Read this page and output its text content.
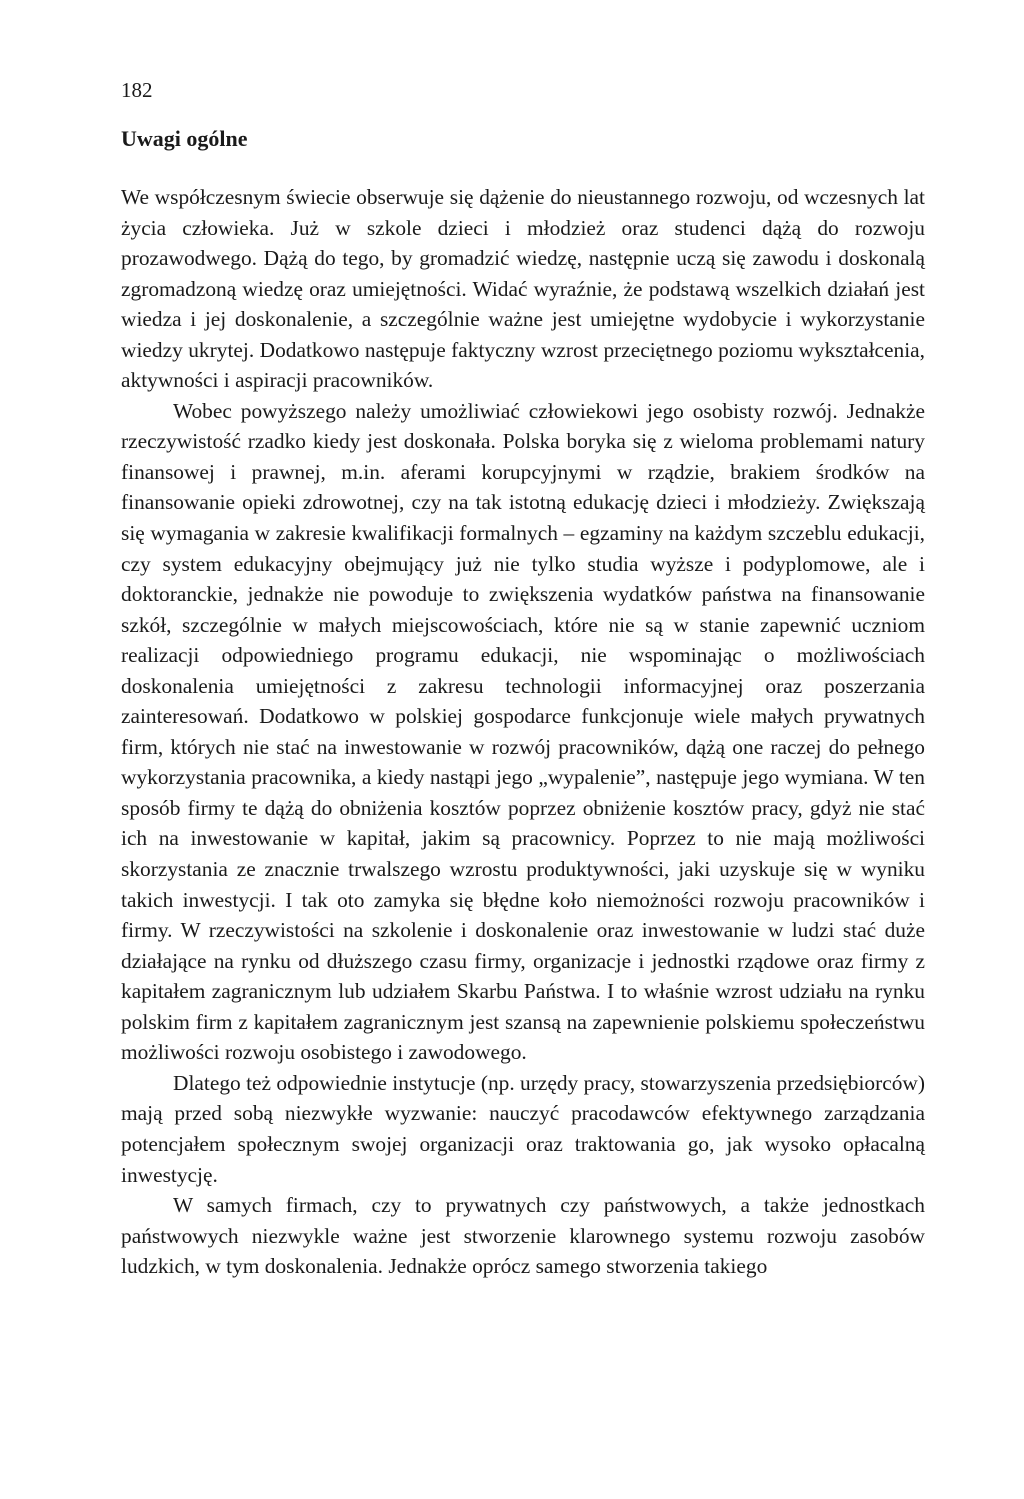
182
Uwagi ogólne

We współczesnym świecie obserwuje się dążenie do nieustannego rozwoju, od wczesnych lat życia człowieka. Już w szkole dzieci i młodzież oraz studenci dążą do rozwoju prozawodwego. Dążą do tego, by gromadzić wiedzę, następnie uczą się zawodu i doskonalą zgromadzoną wiedzę oraz umiejętności. Widać wyraźnie, że podstawą wszelkich działań jest wiedza i jej doskonalenie, a szczególnie ważne jest umiejętne wydobycie i wykorzystanie wiedzy ukrytej. Dodatkowo następuje faktyczny wzrost przeciętnego poziomu wykształcenia, aktywności i aspiracji pracowników.

Wobec powyższego należy umożliwiać człowiekowi jego osobisty rozwój. Jednakże rzeczywistość rzadko kiedy jest doskonała. Polska boryka się z wieloma problemami natury finansowej i prawnej, m.in. aferami korupcyjnymi w rządzie, brakiem środków na finansowanie opieki zdrowotnej, czy na tak istotną edukację dzieci i młodzieży. Zwiększają się wymagania w zakresie kwalifikacji formalnych – egzaminy na każdym szczeblu edukacji, czy system edukacyjny obejmujący już nie tylko studia wyższe i podyplomowe, ale i doktoranckie, jednakże nie powoduje to zwiększenia wydatków państwa na finansowanie szkół, szczególnie w małych miejscowościach, które nie są w stanie zapewnić uczniom realizacji odpowiedniego programu edukacji, nie wspominając o możliwościach doskonalenia umiejętności z zakresu technologii informacyjnej oraz poszerzania zainteresowań. Dodatkowo w polskiej gospodarce funkcjonuje wiele małych prywatnych firm, których nie stać na inwestowanie w rozwój pracowników, dążą one raczej do pełnego wykorzystania pracownika, a kiedy nastąpi jego „wypalenie”, następuje jego wymiana. W ten sposób firmy te dążą do obniżenia kosztów poprzez obniżenie kosztów pracy, gdyż nie stać ich na inwestowanie w kapitał, jakim są pracownicy. Poprzez to nie mają możliwości skorzystania ze znacznie trwalszego wzrostu produktywności, jaki uzyskuje się w wyniku takich inwestycji. I tak oto zamyka się błędne koło niemożności rozwoju pracowników i firmy. W rzeczywistości na szkolenie i doskonalenie oraz inwestowanie w ludzi stać duże działające na rynku od dłuższego czasu firmy, organizacje i jednostki rządowe oraz firmy z kapitałem zagranicznym lub udziałem Skarbu Państwa. I to właśnie wzrost udziału na rynku polskim firm z kapitałem zagranicznym jest szansą na zapewnienie polskiemu społeczeństwu możliwości rozwoju osobistego i zawodowego.

Dlatego też odpowiednie instytucje (np. urzędy pracy, stowarzyszenia przedsiębiorców) mają przed sobą niezwykłe wyzwanie: nauczyć pracodawców efektywnego zarządzania potencjałem społecznym swojej organizacji oraz traktowania go, jak wysoko opłacalną inwestycję.

W samych firmach, czy to prywatnych czy państwowych, a także jednostkach państwowych niezwykle ważne jest stworzenie klarownego systemu rozwoju zasobów ludzkich, w tym doskonalenia. Jednakże oprócz samego stworzenia takiego
